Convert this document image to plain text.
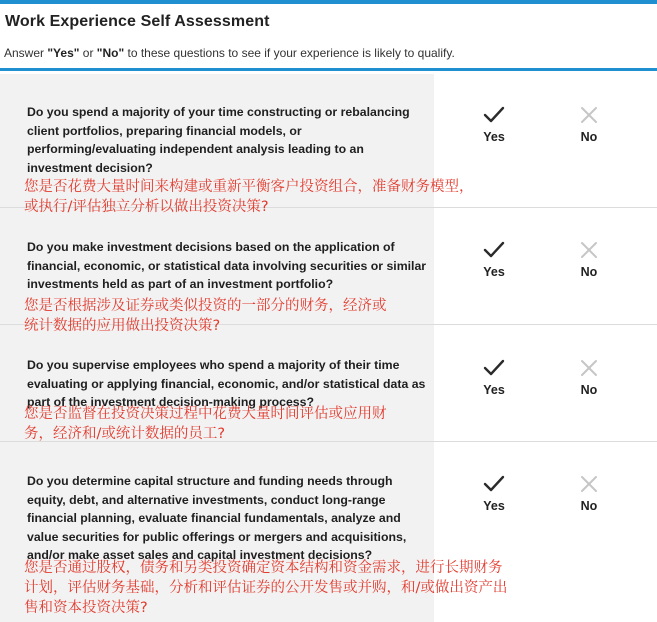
Work Experience Self Assessment
Answer "Yes" or "No" to these questions to see if your experience is likely to qualify.
Do you spend a majority of your time constructing or rebalancing client portfolios, preparing financial models, or performing/evaluating independent analysis leading to an investment decision?
您是否花费大量时间来构建或重新平衡客户投资组合，准备财务模型，
或执行/评估独立分析以做出投资决策?
Yes	No
Do you make investment decisions based on the application of financial, economic, or statistical data involving securities or similar investments held as part of an investment portfolio?
您是否根据涉及证券或类似投资的一部分的财务，经济或
统计数据的应用做出投资决策?
Yes	No
Do you supervise employees who spend a majority of their time evaluating or applying financial, economic, and/or statistical data as part of the investment decision-making process?
您是否监督在投资决策过程中花费大量时间评估或应用财
务，经济和/或统计数据的员工?
Yes	No
Do you determine capital structure and funding needs through equity, debt, and alternative investments, conduct long-range financial planning, evaluate financial fundamentals, analyze and value securities for public offerings or mergers and acquisitions, and/or make asset sales and capital investment decisions?
您是否通过股权，债务和另类投资确定资本结构和资金需求，进行长期财务
计划，评估财务基础，分析和评估证券的公开发售或并购，和/或做出资产出
售和资本投资决策?
Yes	No
